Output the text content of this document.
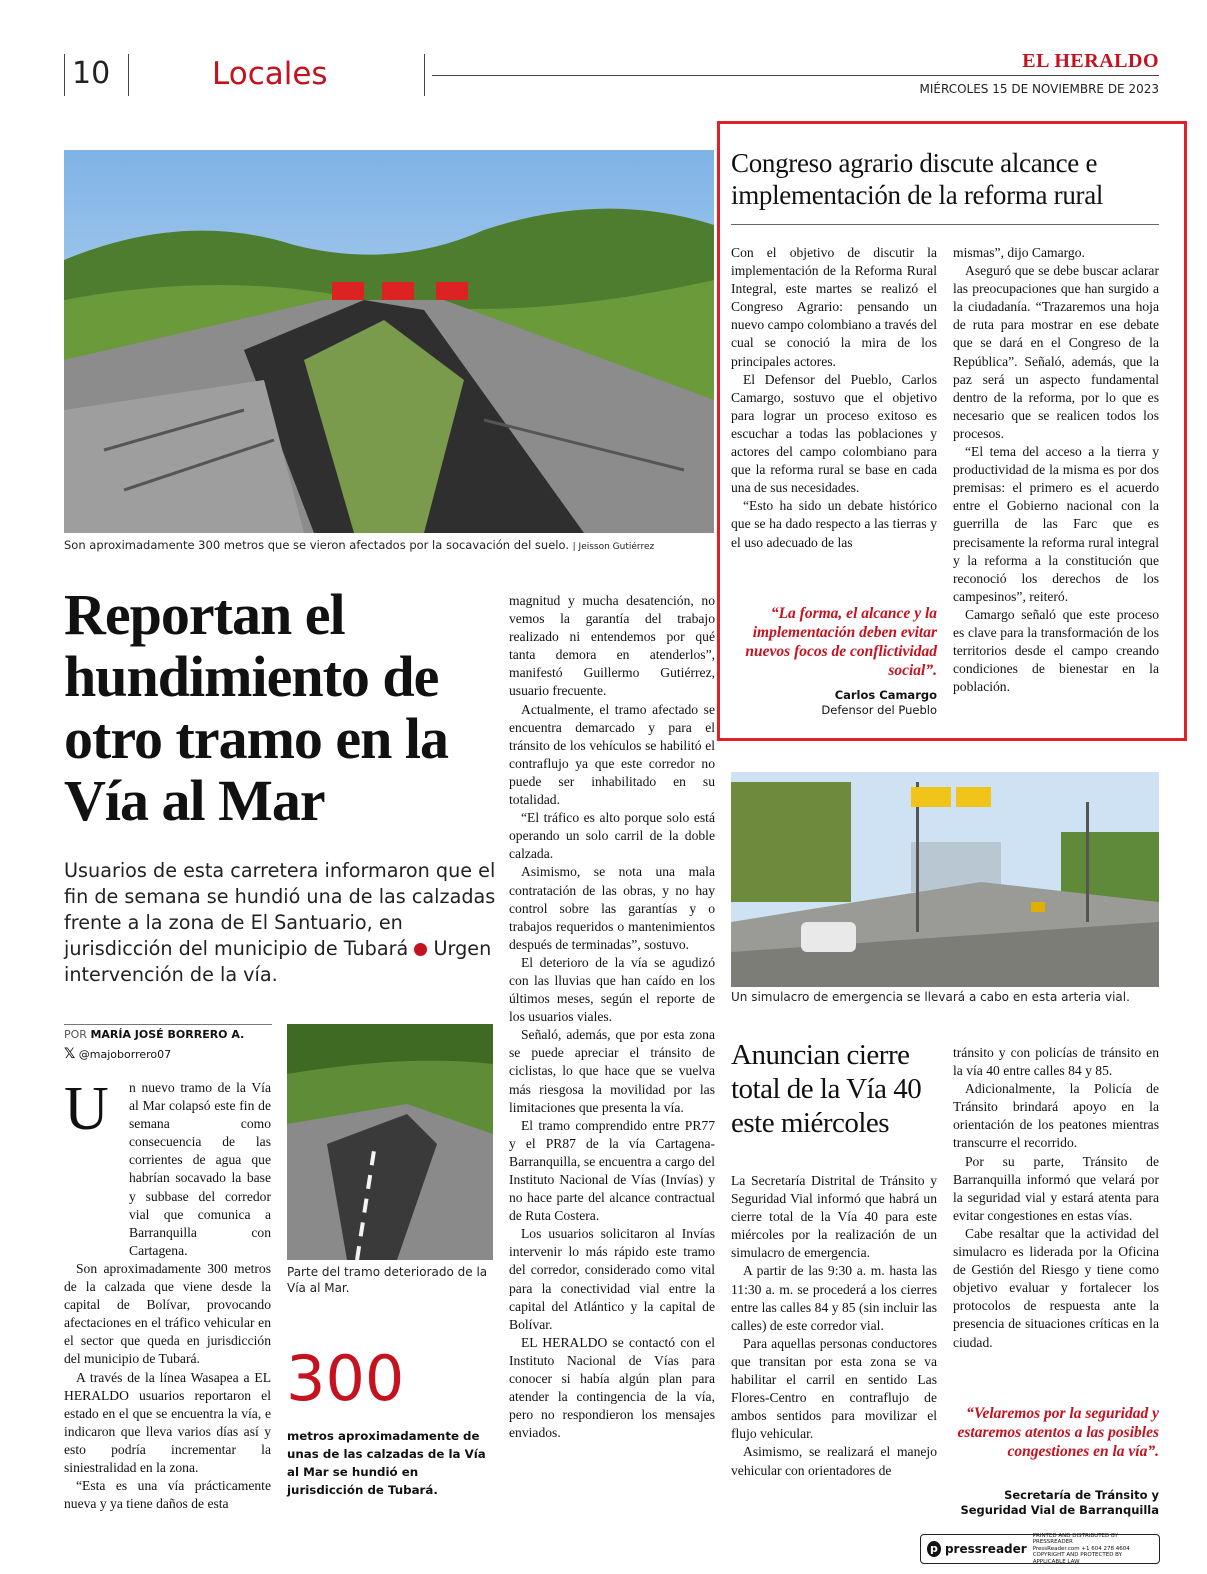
10	Locales	EL HERALDO
MIÉRCOLES 15 DE NOVIEMBRE DE 2023
Son aproximadamente 300 metros que se vieron afectados por la socavación del suelo. | Jeisson Gutiérrez
Reportan el hundimiento de otro tramo en la Vía al Mar
Usuarios de esta carretera informaron que el fin de semana se hundió una de las calzadas frente a la zona de El Santuario, en jurisdicción del municipio de Tubará Urgen intervención de la vía.
POR MARÍA JOSÉ BORRERO A.
𝕏 @majoborrero07
U	n nuevo tramo de la Vía al Mar colapsó este fin de semana como consecuencia de las corrientes de agua que habrían socavado la base y subbase del corredor vial que comunica a Barranquilla con Cartagena.

Son aproximadamente 300 metros de la calzada que viene desde la capital de Bolívar, provocando afectaciones en el tráfico vehicular en el sector que queda en jurisdicción del municipio de Tubará.

A través de la línea Wasapea a EL HERALDO usuarios reportaron el estado en el que se encuentra la vía, e indicaron que lleva varios días así y esto podría incrementar la siniestralidad en la zona.

“Esta es una vía prácticamente nueva y ya tiene daños de esta

Parte del tramo deteriorado de la Vía al Mar.
300
metros aproximadamente de unas de las calzadas de la Vía al Mar se hundió en jurisdicción de Tubará.

magnitud y mucha desatención, no vemos la garantía del trabajo realizado ni entendemos por qué tanta demora en atenderlos”, manifestó Guillermo Gutiérrez, usuario frecuente.

Actualmente, el tramo afectado se encuentra demarcado y para el tránsito de los vehículos se habilitó el contraflujo ya que este corredor no puede ser inhabilitado en su totalidad.

“El tráfico es alto porque solo está operando un solo carril de la doble calzada.

Asimismo, se nota una mala contratación de las obras, y no hay control sobre las garantías y o trabajos requeridos o mantenimientos después de terminadas”, sostuvo.

El deterioro de la vía se agudizó con las lluvias que han caído en los últimos meses, según el reporte de los usuarios viales.

Señaló, además, que por esta zona se puede apreciar el tránsito de ciclistas, lo que hace que se vuelva más riesgosa la movilidad por las limitaciones que presenta la vía.

El tramo comprendido entre PR77 y el PR87 de la vía Cartagena-Barranquilla, se encuentra a cargo del Instituto Nacional de Vías (Invías) y no hace parte del alcance contractual de Ruta Costera.

Los usuarios solicitaron al Invías intervenir lo más rápido este tramo del corredor, considerado como vital para la conectividad vial entre la capital del Atlántico y la capital de Bolívar.

EL HERALDO se contactó con el Instituto Nacional de Vías para conocer si había algún plan para atender la contingencia de la vía, pero no respondieron los mensajes enviados.

Congreso agrario discute alcance e implementación de la reforma rural

Con el objetivo de discutir la implementación de la Reforma Rural Integral, este martes se realizó el Congreso Agrario: pensando un nuevo campo colombiano a través del cual se conoció la mira de los principales actores.

El Defensor del Pueblo, Carlos Camargo, sostuvo que el objetivo para lograr un proceso exitoso es escuchar a todas las poblaciones y actores del campo colombiano para que la reforma rural se base en cada una de sus necesidades.

“Esto ha sido un debate histórico que se ha dado respecto a las tierras y el uso adecuado de las

“La forma, el alcance y la implementación deben evitar nuevos focos de conflictividad social”.
Carlos Camargo
Defensor del Pueblo

mismas”, dijo Camargo.

Aseguró que se debe buscar aclarar las preocupaciones que han surgido a la ciudadanía. “Trazaremos una hoja de ruta para mostrar en ese debate que se dará en el Congreso de la República”. Señaló, además, que la paz será un aspecto fundamental dentro de la reforma, por lo que es necesario que se realicen todos los procesos.

“El tema del acceso a la tierra y productividad de la misma es por dos premisas: el primero es el acuerdo entre el Gobierno nacional con la guerrilla de las Farc que es precisamente la reforma rural integral y la reforma a la constitución que reconoció los derechos de los campesinos”, reiteró.

Camargo señaló que este proceso es clave para la transformación de los territorios desde el campo creando condiciones de bienestar en la población.

Un simulacro de emergencia se llevará a cabo en esta arteria vial.
Anuncian cierre total de la Vía 40 este miércoles

La Secretaría Distrital de Tránsito y Seguridad Vial informó que habrá un cierre total de la Vía 40 para este miércoles por la realización de un simulacro de emergencia.

A partir de las 9:30 a. m. hasta las 11:30 a. m. se procederá a los cierres entre las calles 84 y 85 (sin incluir las calles) de este corredor vial.

Para aquellas personas conductores que transitan por esta zona se va habilitar el carril en sentido Las Flores-Centro en contraflujo de ambos sentidos para movilizar el flujo vehicular.

Asimismo, se realizará el manejo vehicular con orientadores de

tránsito y con policías de tránsito en la vía 40 entre calles 84 y 85.

Adicionalmente, la Policía de Tránsito brindará apoyo en la orientación de los peatones mientras transcurre el recorrido.

Por su parte, Tránsito de Barranquilla informó que velará por la seguridad vial y estará atenta para evitar congestiones en estas vías.

Cabe resaltar que la actividad del simulacro es liderada por la Oficina de Gestión del Riesgo y tiene como objetivo evaluar y fortalecer los protocolos de respuesta ante la presencia de situaciones críticas en la ciudad.

“Velaremos por la seguridad y estaremos atentos a las posibles congestiones en la vía”.
Secretaría de Tránsito y Seguridad Vial de Barranquilla
p pressreader
PRINTED AND DISTRIBUTED BY PRESSREADER
PressReader.com +1 604 278 4604
COPYRIGHT AND PROTECTED BY APPLICABLE LAW
